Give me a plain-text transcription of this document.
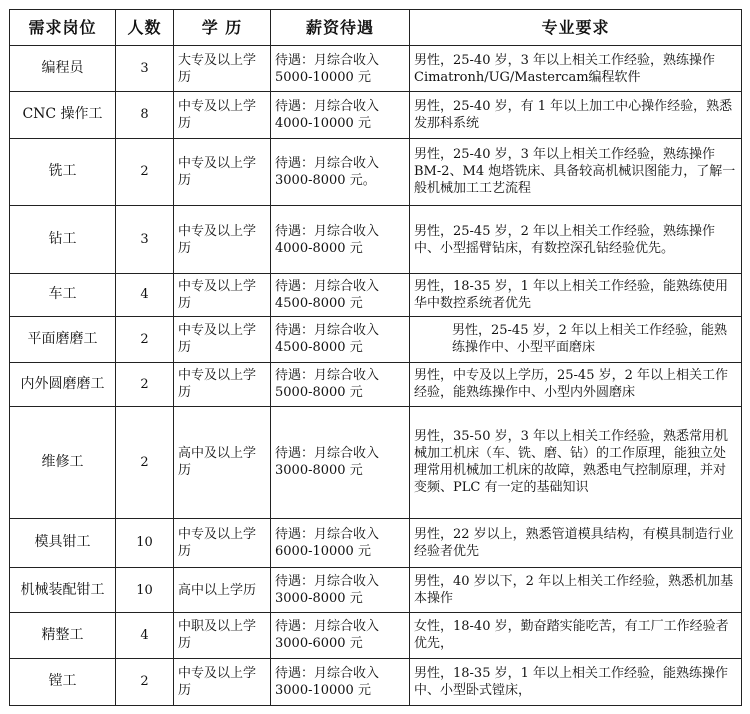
需求岗位	人数	学 历	薪资待遇	专业要求
编程员	3	大专及以上学历	待遇：月综合收入5000-10000 元	男性，25-40 岁，3 年以上相关工作经验，熟练操作 Cimatronh/UG/Mastercam编程软件
CNC 操作工	8	中专及以上学历	待遇：月综合收入4000-10000 元	男性，25-40 岁，有 1 年以上加工中心操作经验，熟悉发那科系统
铣工	2	中专及以上学历	待遇：月综合收入3000-8000 元。	男性，25-40 岁，3 年以上相关工作经验，熟练操作 BM-2、M4 炮塔铣床、具备较高机械识图能力，了解一般机械加工工艺流程
钻工	3	中专及以上学历	待遇：月综合收入4000-8000 元	男性，25-45 岁，2 年以上相关工作经验，熟练操作中、小型摇臂钻床，有数控深孔钻经验优先。
车工	4	中专及以上学历	待遇：月综合收入4500-8000 元	男性，18-35 岁，1 年以上相关工作经验，能熟练使用华中数控系统者优先
平面磨磨工	2	中专及以上学历	待遇：月综合收入4500-8000 元	男性，25-45 岁，2 年以上相关工作经验，能熟练操作中、小型平面磨床
内外圆磨磨工	2	中专及以上学历	待遇：月综合收入5000-8000 元	男性，中专及以上学历，25-45 岁，2 年以上相关工作经验，能熟练操作中、小型内外圆磨床
维修工	2	高中及以上学历	待遇：月综合收入3000-8000 元	男性，35-50 岁，3 年以上相关工作经验，熟悉常用机械加工机床（车、铣、磨、钻）的工作原理，能独立处理常用机械加工机床的故障，熟悉电气控制原理，并对变频、PLC 有一定的基础知识
模具钳工	10	中专及以上学历	待遇：月综合收入6000-10000 元	男性，22 岁以上，熟悉管道模具结构，有模具制造行业经验者优先
机械装配钳工	10	高中以上学历	待遇：月综合收入3000-8000 元	男性，40 岁以下，2 年以上相关工作经验，熟悉机加基本操作
精整工	4	中职及以上学历	待遇：月综合收入3000-6000 元	女性，18-40 岁，勤奋踏实能吃苦，有工厂工作经验者优先，
镗工	2	中专及以上学历	待遇：月综合收入3000-10000 元	男性，18-35 岁，1 年以上相关工作经验，能熟练操作中、小型卧式镗床，
